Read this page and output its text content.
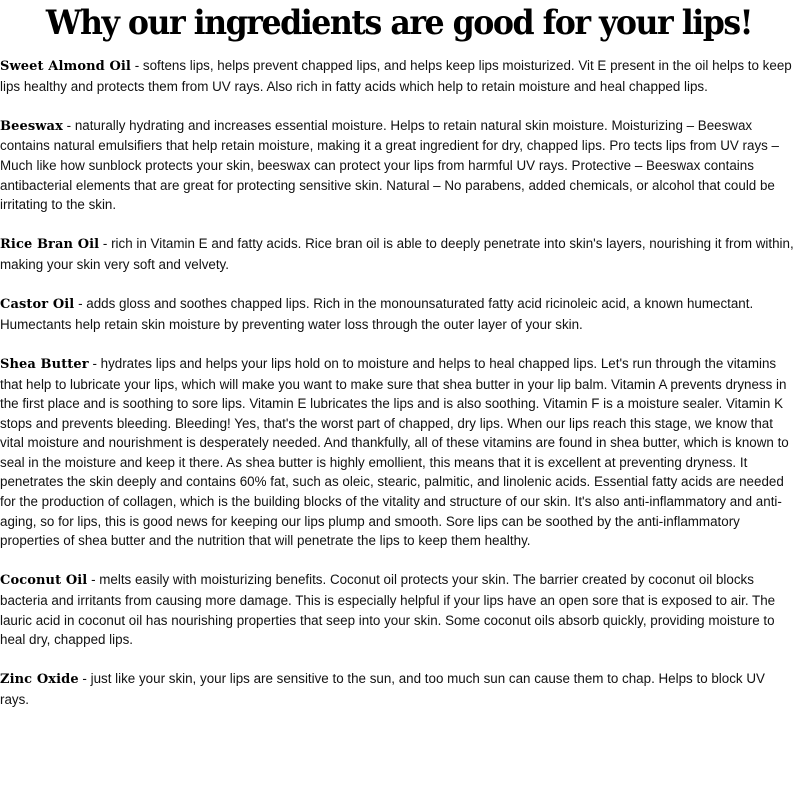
Why our ingredients are good for your lips!

Sweet Almond Oil - softens lips, helps prevent chapped lips, and helps keep lips moisturized. Vit E present in the oil helps to keep lips healthy and protects them from UV rays. Also rich in fatty acids which help to retain moisture and heal chapped lips.

Beeswax - naturally hydrating and increases essential moisture. Helps to retain natural skin moisture. Moisturizing – Beeswax contains natural emulsifiers that help retain moisture, making it a great ingredient for dry, chapped lips. Pro tects lips from UV rays – Much like how sunblock protects your skin, beeswax can protect your lips from harmful UV rays. Protective – Beeswax contains antibacterial elements that are great for protecting sensitive skin. Natural – No parabens, added chemicals, or alcohol that could be irritating to the skin.

Rice Bran Oil - rich in Vitamin E and fatty acids. Rice bran oil is able to deeply penetrate into skin's layers, nourishing it from within, making your skin very soft and velvety.

Castor Oil - adds gloss and soothes chapped lips. Rich in the monounsaturated fatty acid ricinoleic acid, a known humectant. Humectants help retain skin moisture by preventing water loss through the outer layer of your skin.

Shea Butter - hydrates lips and helps your lips hold on to moisture and helps to heal chapped lips. Let's run through the vitamins that help to lubricate your lips, which will make you want to make sure that shea butter in your lip balm. Vitamin A prevents dryness in the first place and is soothing to sore lips. Vitamin E lubricates the lips and is also soothing. Vitamin F is a moisture sealer. Vitamin K stops and prevents bleeding. Bleeding! Yes, that's the worst part of chapped, dry lips. When our lips reach this stage, we know that vital moisture and nourishment is desperately needed. And thankfully, all of these vitamins are found in shea butter, which is known to seal in the moisture and keep it there. As shea butter is highly emollient, this means that it is excellent at preventing dryness. It penetrates the skin deeply and contains 60% fat, such as oleic, stearic, palmitic, and linolenic acids. Essential fatty acids are needed for the production of collagen, which is the building blocks of the vitality and structure of our skin. It's also anti-inflammatory and anti-aging, so for lips, this is good news for keeping our lips plump and smooth. Sore lips can be soothed by the anti-inflammatory properties of shea butter and the nutrition that will penetrate the lips to keep them healthy.

Coconut Oil - melts easily with moisturizing benefits. Coconut oil protects your skin. The barrier created by coconut oil blocks bacteria and irritants from causing more damage. This is especially helpful if your lips have an open sore that is exposed to air. The lauric acid in coconut oil has nourishing properties that seep into your skin. Some coconut oils absorb quickly, providing moisture to heal dry, chapped lips.

Zinc Oxide - just like your skin, your lips are sensitive to the sun, and too much sun can cause them to chap. Helps to block UV rays.
